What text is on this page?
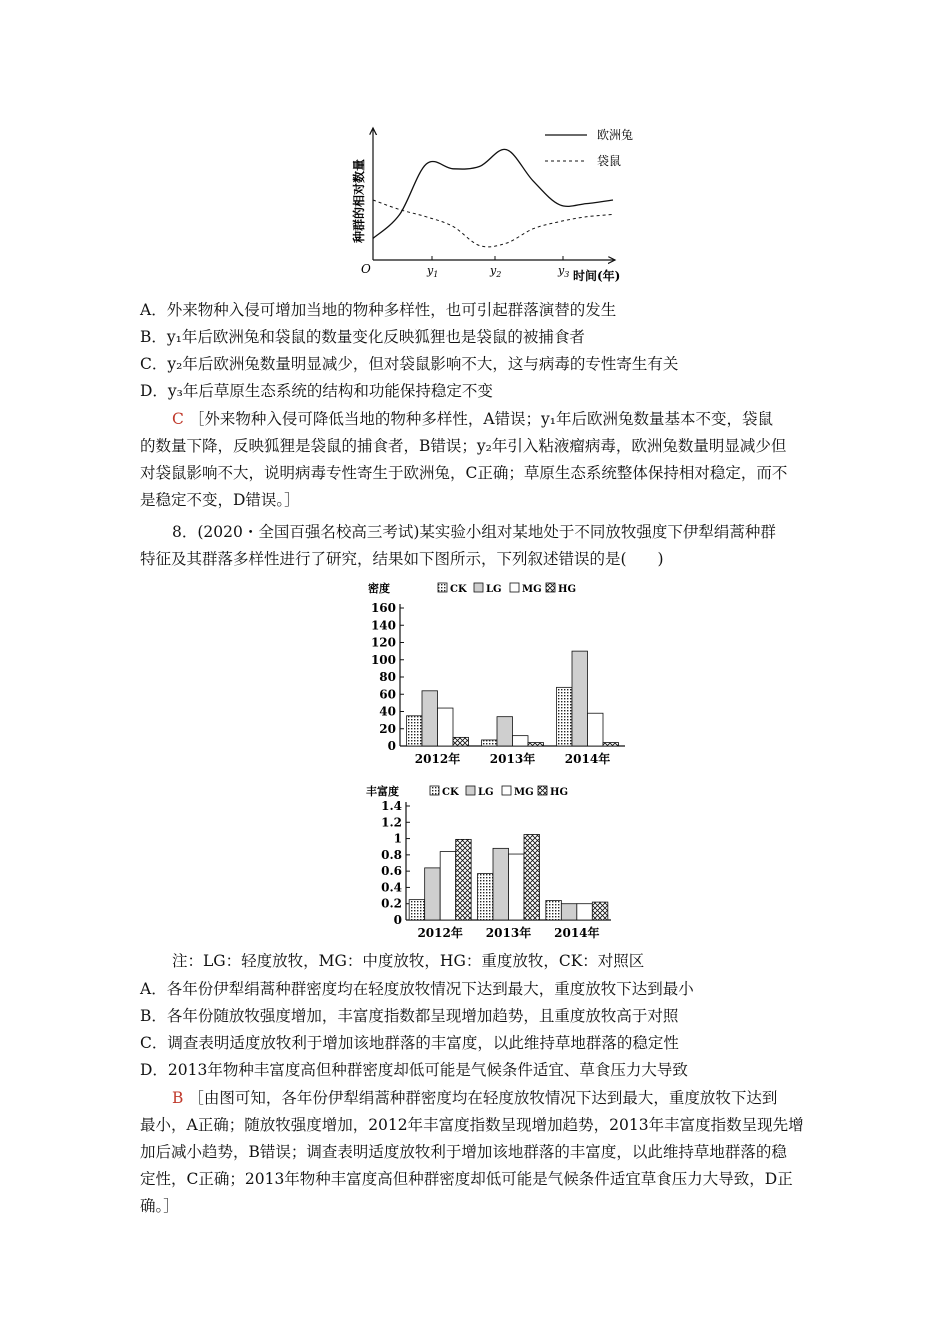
种群的相对数量
O	时间(年)
$y_1$	$y_2$	$y_3$
欧洲兔
袋鼠
A．外来物种入侵可增加当地的物种多样性，也可引起群落演替的发生
B．y₁年后欧洲兔和袋鼠的数量变化反映狐狸也是袋鼠的被捕食者
C．y₂年后欧洲兔数量明显减少，但对袋鼠影响不大，这与病毒的专性寄生有关
D．y₃年后草原生态系统的结构和功能保持稳定不变
C ［外来物种入侵可降低当地的物种多样性，A错误；y₁年后欧洲兔数量基本不变，袋鼠
的数量下降，反映狐狸是袋鼠的捕食者，B错误；y₂年引入粘液瘤病毒，欧洲兔数量明显减少但
对袋鼠影响不大，说明病毒专性寄生于欧洲兔，C正确；草原生态系统整体保持相对稳定，而不
是稳定不变，D错误。］
8．(2020・全国百强名校高三考试)某实验小组对某地处于不同放牧强度下伊犁绢蒿种群
特征及其群落多样性进行了研究，结果如下图所示，下列叙述错误的是(　　)
0
20
40
60
80
100
120
140
160
密度	CK LG MG HG
2012年 2013年 2014年
0
0.2
0.4
0.6
0.8
1
1.2
1.4
丰富度	CK LG MG HG
2012年 2013年 2014年
注：LG：轻度放牧，MG：中度放牧，HG：重度放牧，CK：对照区
A．各年份伊犁绢蒿种群密度均在轻度放牧情况下达到最大，重度放牧下达到最小
B．各年份随放牧强度增加，丰富度指数都呈现增加趋势，且重度放牧高于对照
C．调查表明适度放牧利于增加该地群落的丰富度，以此维持草地群落的稳定性
D．2013年物种丰富度高但种群密度却低可能是气候条件适宜、草食压力大导致
B ［由图可知，各年份伊犁绢蒿种群密度均在轻度放牧情况下达到最大，重度放牧下达到
最小，A正确；随放牧强度增加，2012年丰富度指数呈现增加趋势，2013年丰富度指数呈现先增
加后减小趋势，B错误；调查表明适度放牧利于增加该地群落的丰富度，以此维持草地群落的稳
定性，C正确；2013年物种丰富度高但种群密度却低可能是气候条件适宜草食压力大导致，D正
确。］
